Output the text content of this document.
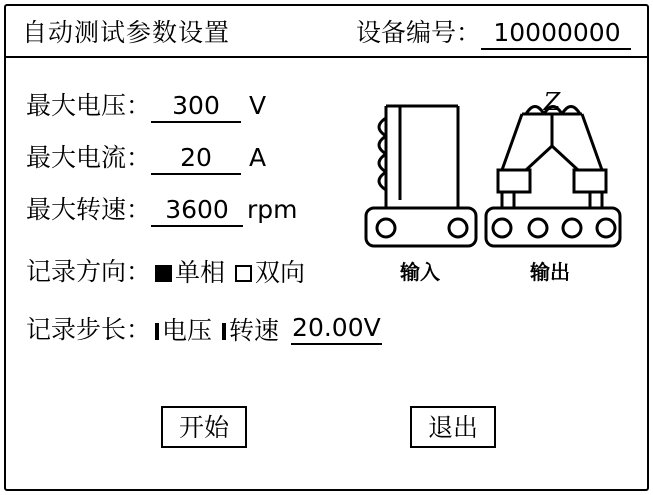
自动测试参数设置	设备编号： 10000000
最大电压： 300	V
最大电流：	20	A
最大转速： 3600 rpm
记录方向： 单相 双向
记录步长： 电压 转速 20.00V
Z
输入	输出
开始	退出
